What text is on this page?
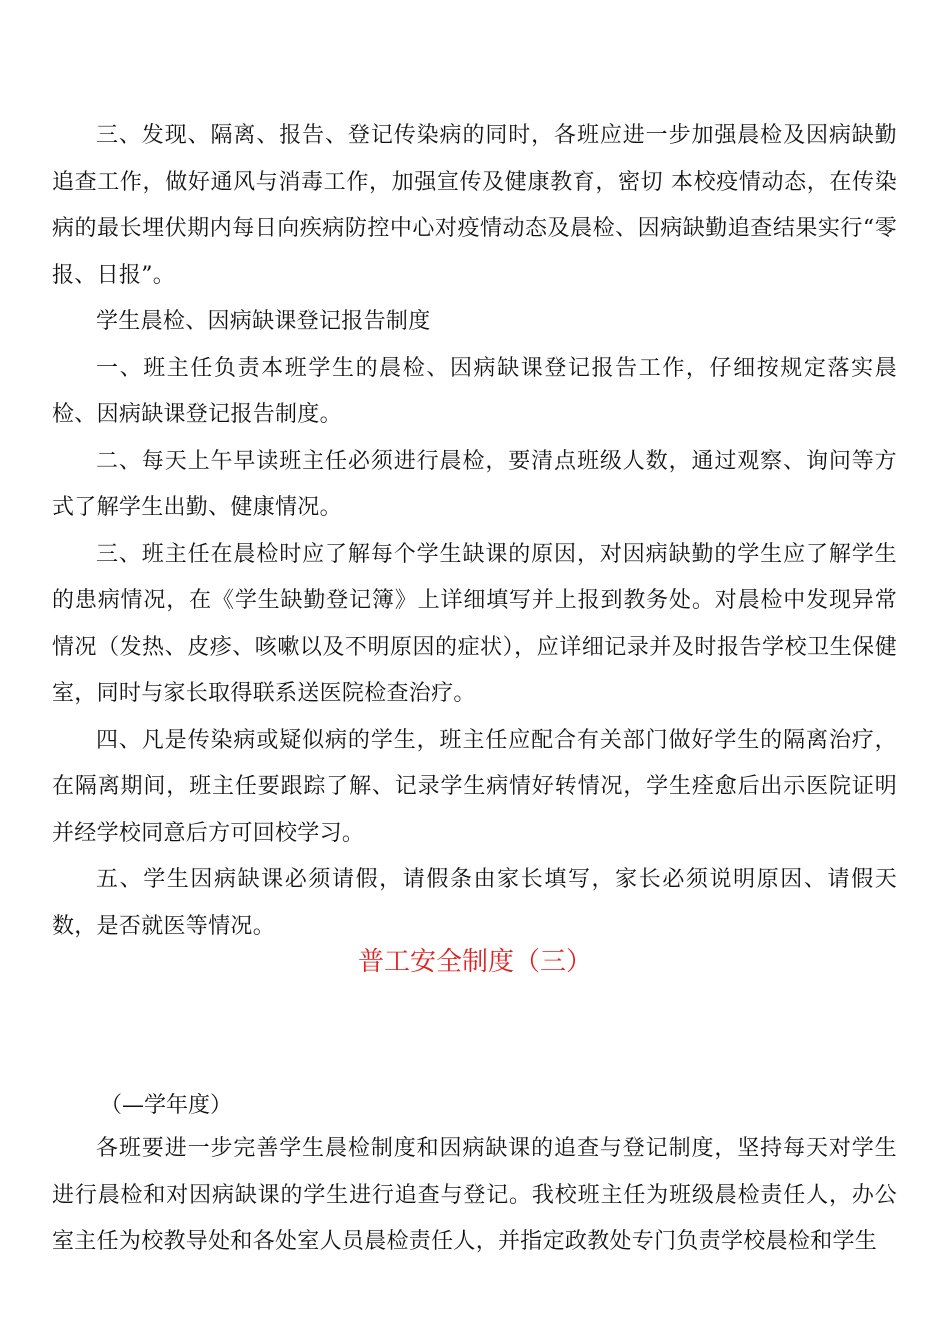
三、发现、隔离、报告、登记传染病的同时，各班应进一步加强晨检及因病缺勤追查工作，做好通风与消毒工作，加强宣传及健康教育，密切 本校疫情动态，在传染病的最长埋伏期内每日向疾病防控中心对疫情动态及晨检、因病缺勤追查结果实行“零报、日报”。

学生晨检、因病缺课登记报告制度

一、班主任负责本班学生的晨检、因病缺课登记报告工作，仔细按规定落实晨检、因病缺课登记报告制度。

二、每天上午早读班主任必须进行晨检，要清点班级人数，通过观察、询问等方式了解学生出勤、健康情况。

三、班主任在晨检时应了解每个学生缺课的原因，对因病缺勤的学生应了解学生的患病情况，在《学生缺勤登记簿》上详细填写并上报到教务处。对晨检中发现异常情况（发热、皮疹、咳嗽以及不明原因的症状），应详细记录并及时报告学校卫生保健室，同时与家长取得联系送医院检查治疗。

四、凡是传染病或疑似病的学生，班主任应配合有关部门做好学生的隔离治疗，在隔离期间，班主任要跟踪了解、记录学生病情好转情况，学生痊愈后出示医院证明并经学校同意后方可回校学习。

五、学生因病缺课必须请假，请假条由家长填写，家长必须说明原因、请假天数，是否就医等情况。

普工安全制度（三）
（—学年度）

各班要进一步完善学生晨检制度和因病缺课的追查与登记制度，坚持每天对学生进行晨检和对因病缺课的学生进行追查与登记。我校班主任为班级晨检责任人，办公室主任为校教导处和各处室人员晨检责任人，并指定政教处专门负责学校晨检和学生
